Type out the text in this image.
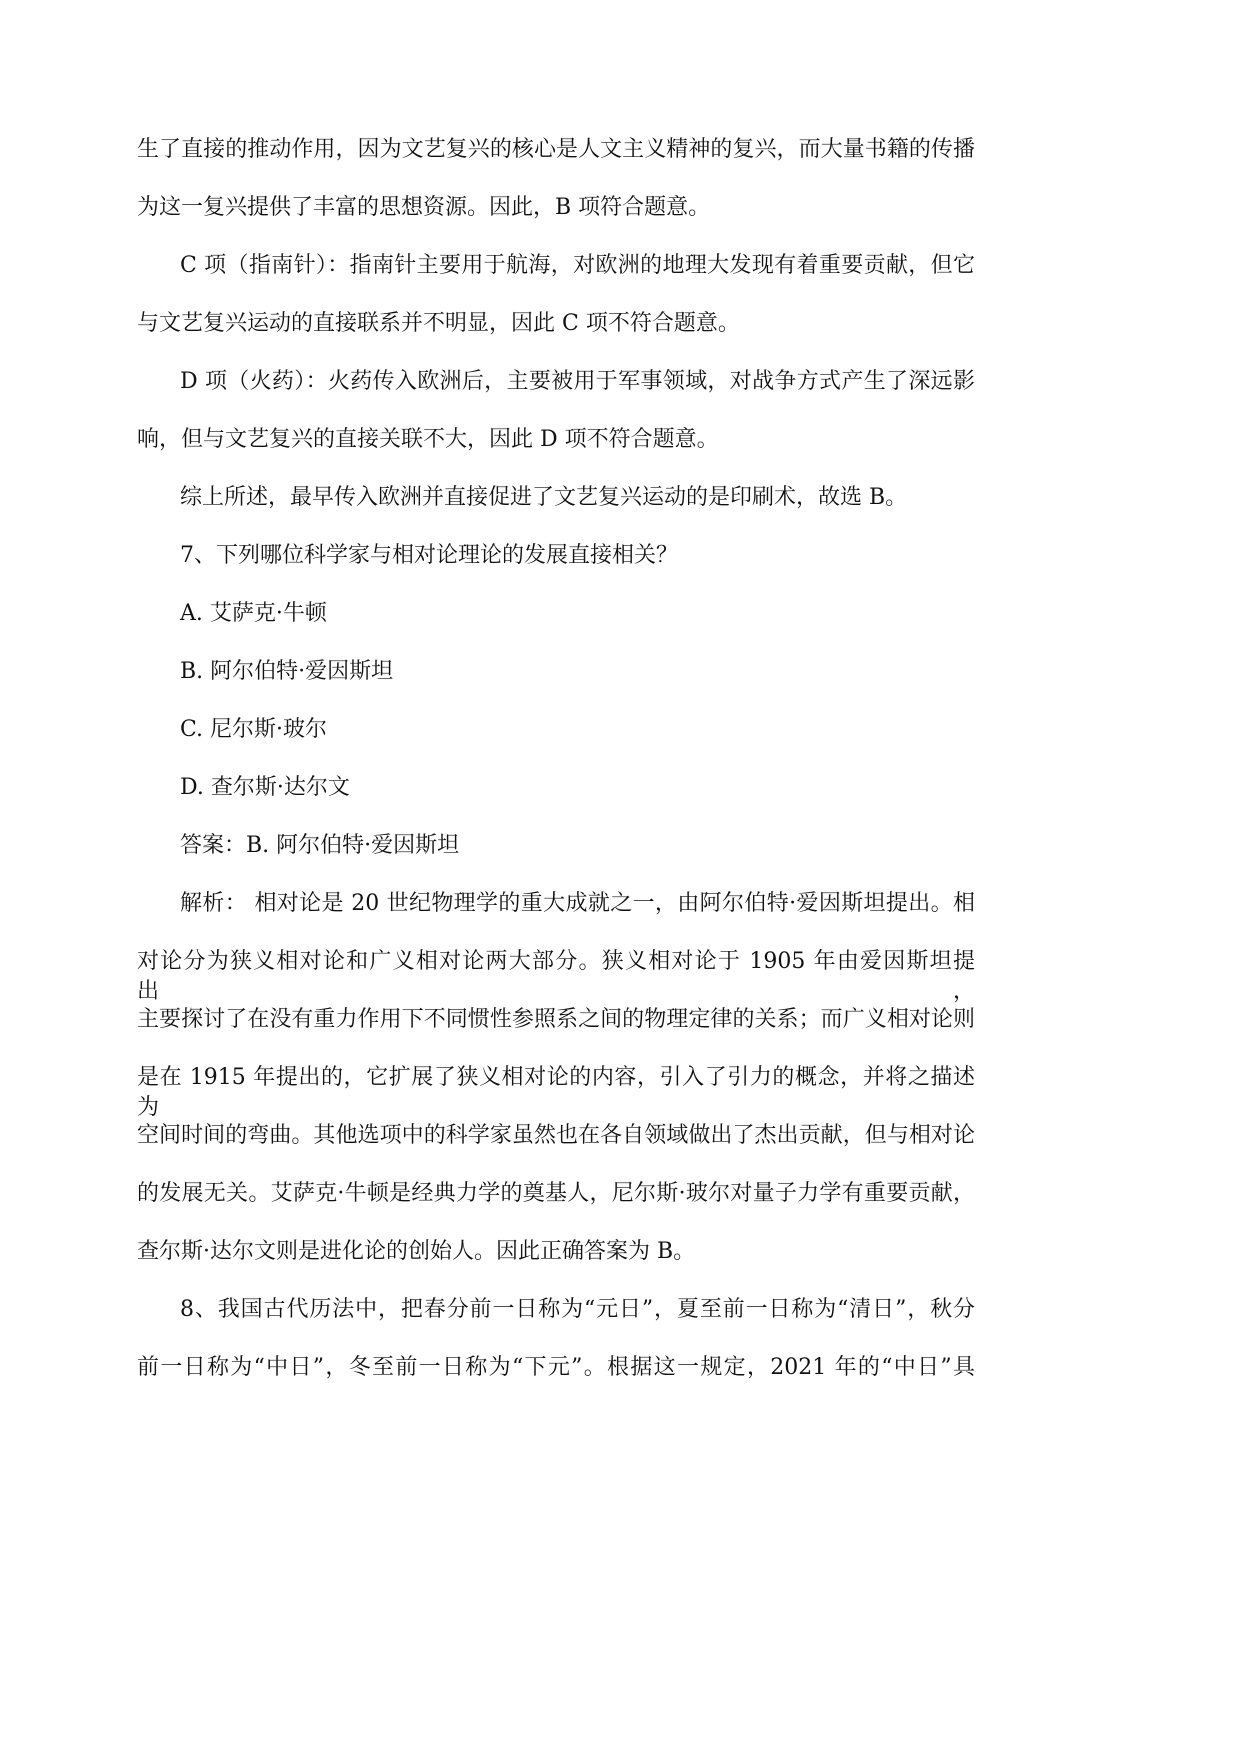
生了直接的推动作用，因为文艺复兴的核心是人文主义精神的复兴，而大量书籍的传播
为这一复兴提供了丰富的思想资源。因此，B 项符合题意。
C 项（指南针）：指南针主要用于航海，对欧洲的地理大发现有着重要贡献，但它
与文艺复兴运动的直接联系并不明显，因此 C 项不符合题意。
D 项（火药）：火药传入欧洲后，主要被用于军事领域，对战争方式产生了深远影
响，但与文艺复兴的直接关联不大，因此 D 项不符合题意。
综上所述，最早传入欧洲并直接促进了文艺复兴运动的是印刷术，故选 B。
7、下列哪位科学家与相对论理论的发展直接相关？
A. 艾萨克·牛顿
B. 阿尔伯特·爱因斯坦
C. 尼尔斯·玻尔
D. 查尔斯·达尔文
答案：B. 阿尔伯特·爱因斯坦
解析： 相对论是 20 世纪物理学的重大成就之一，由阿尔伯特·爱因斯坦提出。相
对论分为狭义相对论和广义相对论两大部分。狭义相对论于 1905 年由爱因斯坦提出，
主要探讨了在没有重力作用下不同惯性参照系之间的物理定律的关系；而广义相对论则
是在 1915 年提出的，它扩展了狭义相对论的内容，引入了引力的概念，并将之描述为
空间时间的弯曲。其他选项中的科学家虽然也在各自领域做出了杰出贡献，但与相对论
的发展无关。艾萨克·牛顿是经典力学的奠基人，尼尔斯·玻尔对量子力学有重要贡献，
查尔斯·达尔文则是进化论的创始人。因此正确答案为 B。
8、我国古代历法中，把春分前一日称为“元日”，夏至前一日称为“清日”，秋分
前一日称为“中日”，冬至前一日称为“下元”。根据这一规定，2021 年的“中日”具
